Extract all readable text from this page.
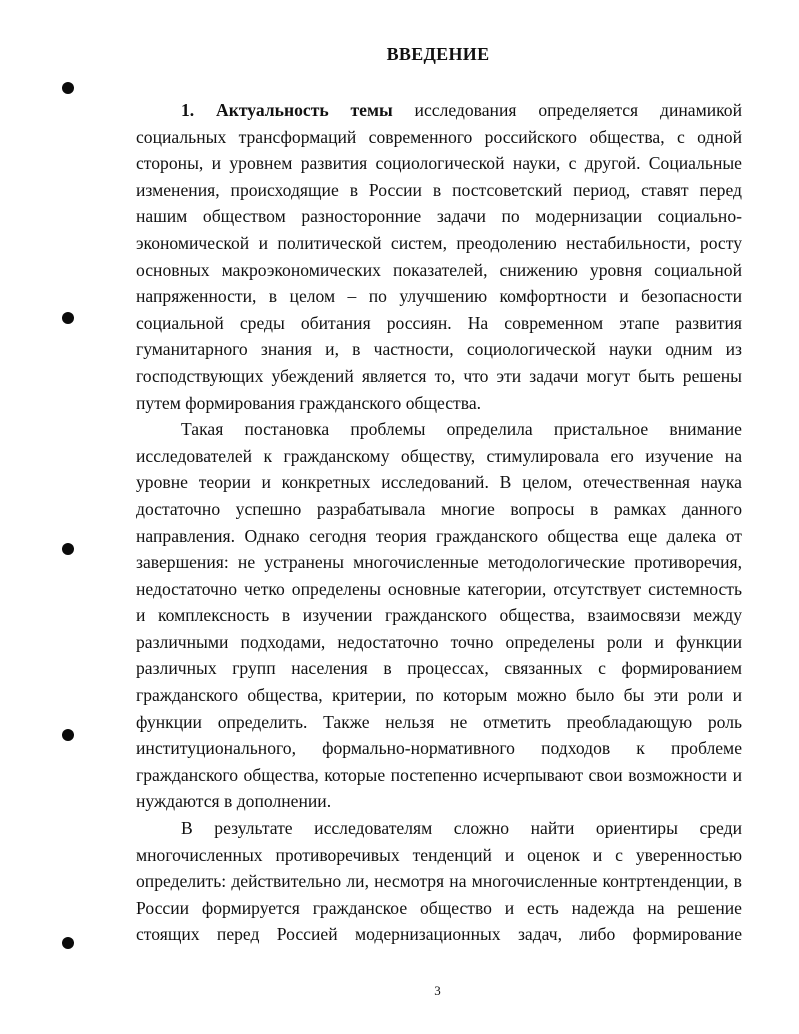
ВВЕДЕНИЕ
1. Актуальность темы исследования определяется динамикой
социальных трансформаций современного российского общества, с одной
стороны, и уровнем развития социологической науки, с другой. Социальные
изменения, происходящие в России в постсоветский период, ставят перед
нашим обществом разносторонние задачи по модернизации социально-
экономической и политической систем, преодолению нестабильности, росту
основных макроэкономических показателей, снижению уровня социальной
напряженности, в целом – по улучшению комфортности и безопасности
социальной среды обитания россиян. На современном этапе развития
гуманитарного знания и, в частности, социологической науки одним из
господствующих убеждений является то, что эти задачи могут быть решены
путем формирования гражданского общества.
Такая постановка проблемы определила пристальное внимание
исследователей к гражданскому обществу, стимулировала его изучение на
уровне теории и конкретных исследований. В целом, отечественная наука
достаточно успешно разрабатывала многие вопросы в рамках данного
направления. Однако сегодня теория гражданского общества еще далека от
завершения: не устранены многочисленные методологические противоречия,
недостаточно четко определены основные категории, отсутствует системность
и комплексность в изучении гражданского общества, взаимосвязи между
различными подходами, недостаточно точно определены роли и функции
различных групп населения в процессах, связанных с формированием
гражданского общества, критерии, по которым можно было бы эти роли и
функции определить. Также нельзя не отметить преобладающую роль
институционального, формально-нормативного подходов к проблеме
гражданского общества, которые постепенно исчерпывают свои возможности и
нуждаются в дополнении.
В результате исследователям сложно найти ориентиры среди
многочисленных противоречивых тенденций и оценок и с уверенностью
определить: действительно ли, несмотря на многочисленные контртенденции, в
России формируется гражданское общество и есть надежда на решение
стоящих перед Россией модернизационных задач, либо формирование
3
